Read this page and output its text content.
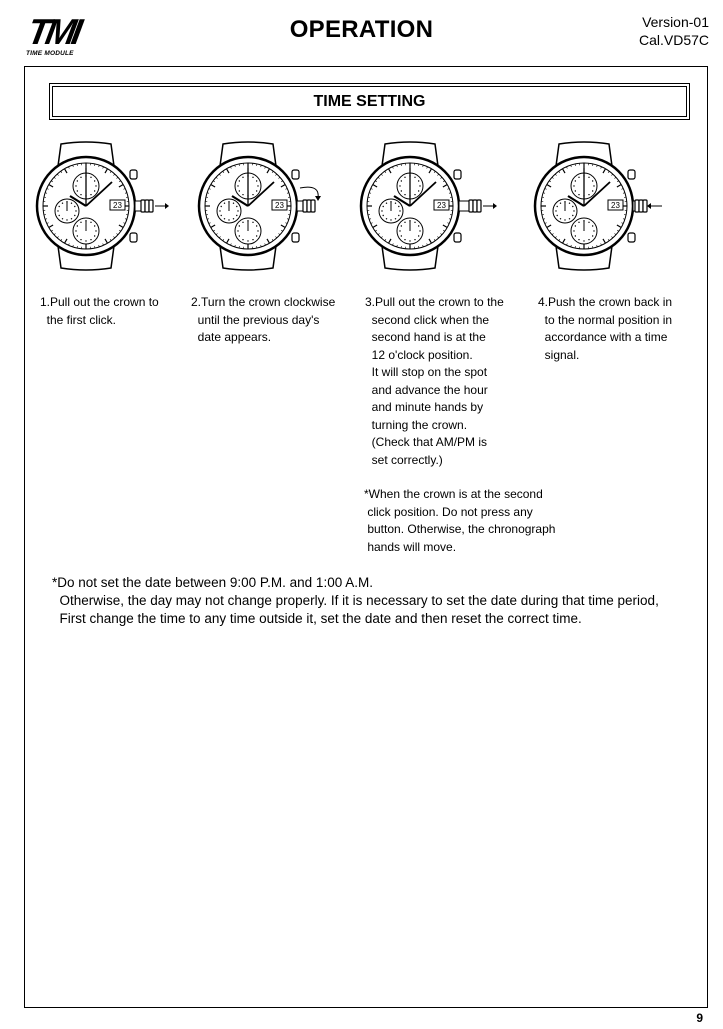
TMI
TIME MODULE
OPERATION	Version-01
Cal.VD57C
TIME SETTING
23	23	23	23
1.Pull out the crown to
the first click.
2.Turn the crown clockwise
until the previous day's
date appears.
3.Pull out the crown to the
second click when the
second hand is at the
12 o'clock position.
It will stop on the spot
and advance the hour
and minute hands by
turning the crown.
(Check that AM/PM is
set correctly.)
4.Push the crown back in
to the normal position in
accordance with a time
signal.
*When the crown is at the second
click position. Do not press any
button. Otherwise, the chronograph
hands will move.
*Do not set the date between 9:00 P.M. and 1:00 A.M.
Otherwise, the day may not change properly. If it is necessary to set the date during that time period,
First change the time to any time outside it, set the date and then reset the correct time.
9
